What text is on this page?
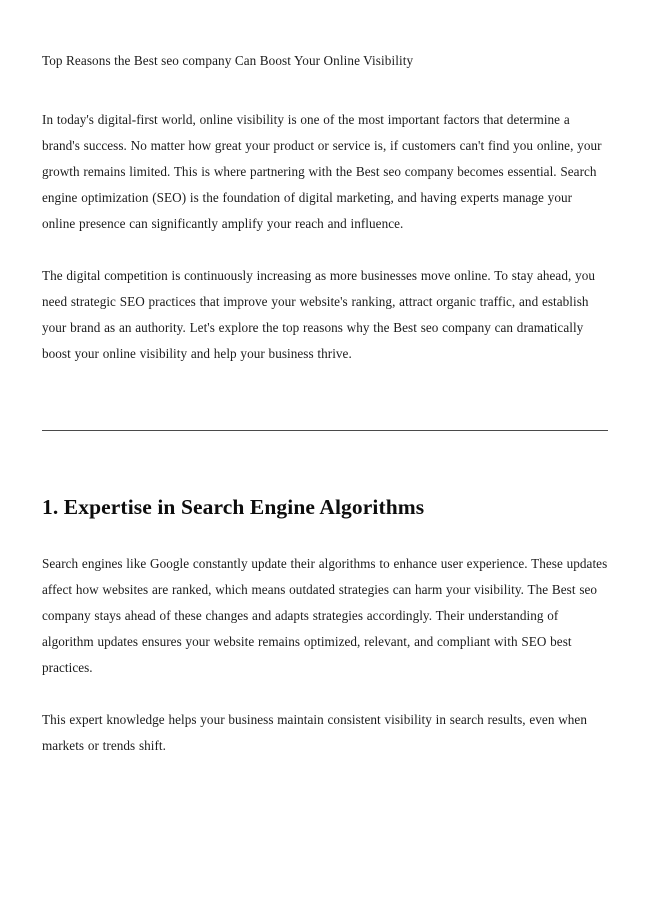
Top Reasons the Best seo company Can Boost Your Online Visibility

In today's digital-first world, online visibility is one of the most important factors that determine a brand's success. No matter how great your product or service is, if customers can't find you online, your growth remains limited. This is where partnering with the Best seo company becomes essential. Search engine optimization (SEO) is the foundation of digital marketing, and having experts manage your online presence can significantly amplify your reach and influence.

The digital competition is continuously increasing as more businesses move online. To stay ahead, you need strategic SEO practices that improve your website's ranking, attract organic traffic, and establish your brand as an authority. Let's explore the top reasons why the Best seo company can dramatically boost your online visibility and help your business thrive.

1. Expertise in Search Engine Algorithms

Search engines like Google constantly update their algorithms to enhance user experience. These updates affect how websites are ranked, which means outdated strategies can harm your visibility. The Best seo company stays ahead of these changes and adapts strategies accordingly. Their understanding of algorithm updates ensures your website remains optimized, relevant, and compliant with SEO best practices.

This expert knowledge helps your business maintain consistent visibility in search results, even when markets or trends shift.
